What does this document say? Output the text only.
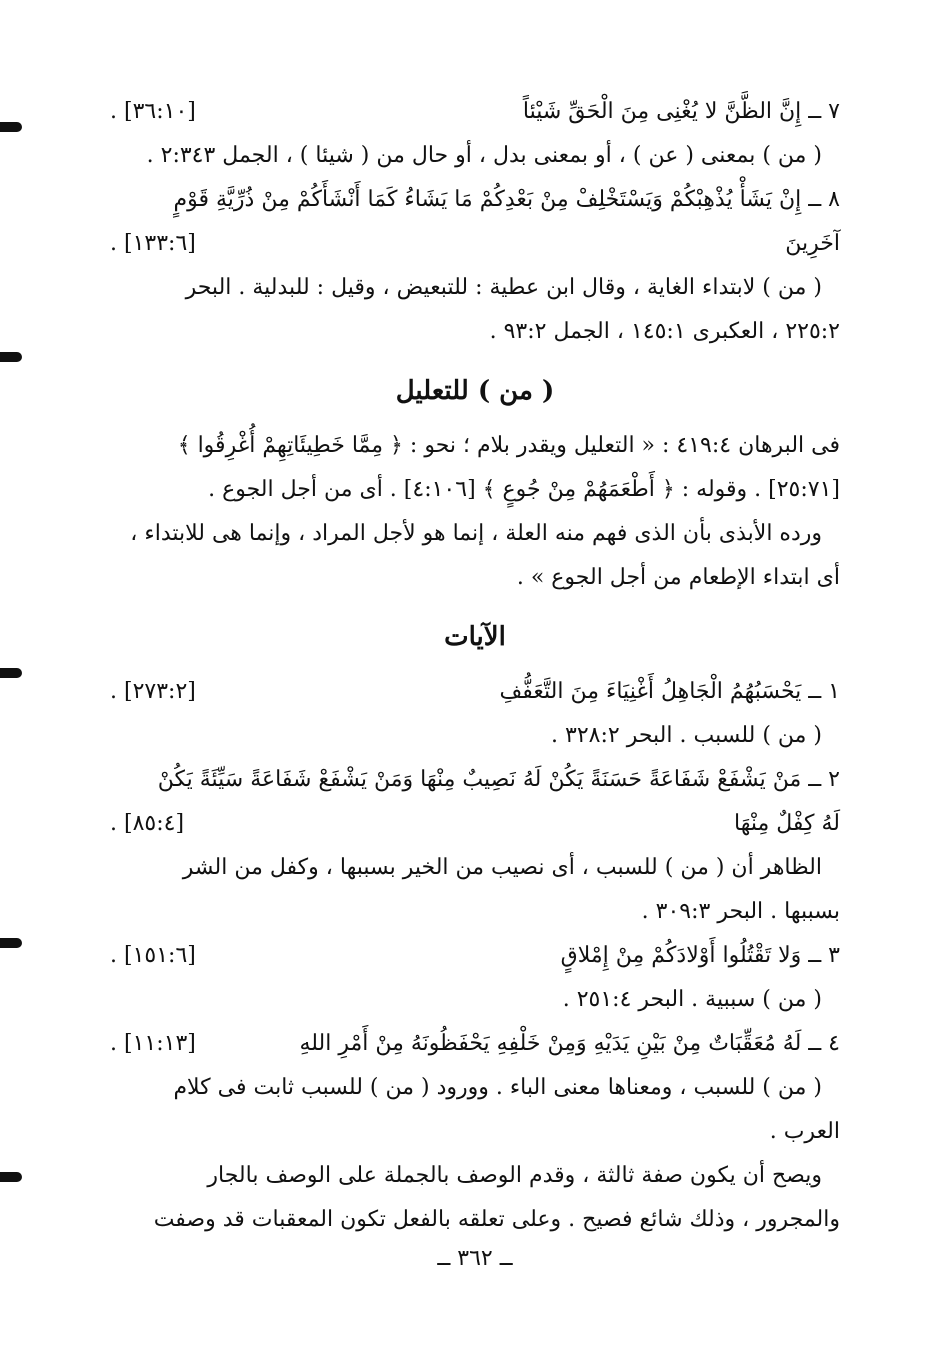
٧ ــ إِنَّ الظَّنَّ لا يُغْنِى مِنَ الْحَقِّ شَيْئاً
[٣٦:١٠] .
( من ) بمعنى ( عن ) ، أو بمعنى بدل ، أو حال من ( شيئا ) ، الجمل ٢:٣٤٣ .
٨ ــ إِنْ يَشَأْ يُذْهِبْكُمْ وَيَسْتَخْلِفْ مِنْ بَعْدِكُمْ مَا يَشَاءُ كَمَا أَنْشَأَكُمْ مِنْ ذُرِّيَّةِ قَوْمٍ
آخَرِينَ
[١٣٣:٦] .
( من ) لابتداء الغاية ، وقال ابن عطية : للتبعيض ، وقيل : للبدلية . البحر
٢٢٥:٢ ، العكبرى ١٤٥:١ ، الجمل ٩٣:٢ .
( من ) للتعليل
فى البرهان ٤١٩:٤ : « التعليل ويقدر بلام ؛ نحو : ﴿ مِمَّا خَطِيئَاتِهِمْ أُغْرِقُوا ﴾
[٢٥:٧١] . وقوله : ﴿ أَطْعَمَهُمْ مِنْ جُوعٍ ﴾ [٤:١٠٦] . أى من أجل الجوع .
ورده الأبذى بأن الذى فهم منه العلة ، إنما هو لأجل المراد ، وإنما هى للابتداء ،
أى ابتداء الإطعام من أجل الجوع » .
الآيات
١ ــ يَحْسَبُهُمُ الْجَاهِلُ أَغْنِيَاءَ مِنَ التَّعَفُّفِ
[٢٧٣:٢] .
( من ) للسبب . البحر ٣٢٨:٢ .
٢ ــ مَنْ يَشْفَعْ شَفَاعَةً حَسَنَةً يَكُنْ لَهُ نَصِيبٌ مِنْهَا وَمَنْ يَشْفَعْ شَفَاعَةً سَيِّئَةً يَكُنْ
لَهُ كِفْلٌ مِنْهَا
[٨٥:٤] .
الظاهر أن ( من ) للسبب ، أى نصيب من الخير بسببها ، وكفل من الشر
بسببها . البحر ٣٠٩:٣ .
٣ ــ وَلا تَقْتُلُوا أَوْلادَكُمْ مِنْ إِمْلاقٍ
[١٥١:٦] .
( من ) سببية . البحر ٢٥١:٤ .
٤ ــ لَهُ مُعَقِّبَاتٌ مِنْ بَيْنِ يَدَيْهِ وَمِنْ خَلْفِهِ يَحْفَظُونَهُ مِنْ أَمْرِ اللهِ
[١١:١٣] .
( من ) للسبب ، ومعناها معنى الباء . وورود ( من ) للسبب ثابت فى كلام
العرب .
ويصح أن يكون صفة ثالثة ، وقدم الوصف بالجملة على الوصف بالجار
والمجرور ، وذلك شائع فصيح . وعلى تعلقه بالفعل تكون المعقبات قد وصفت
ــ ٣٦٢ ــ
